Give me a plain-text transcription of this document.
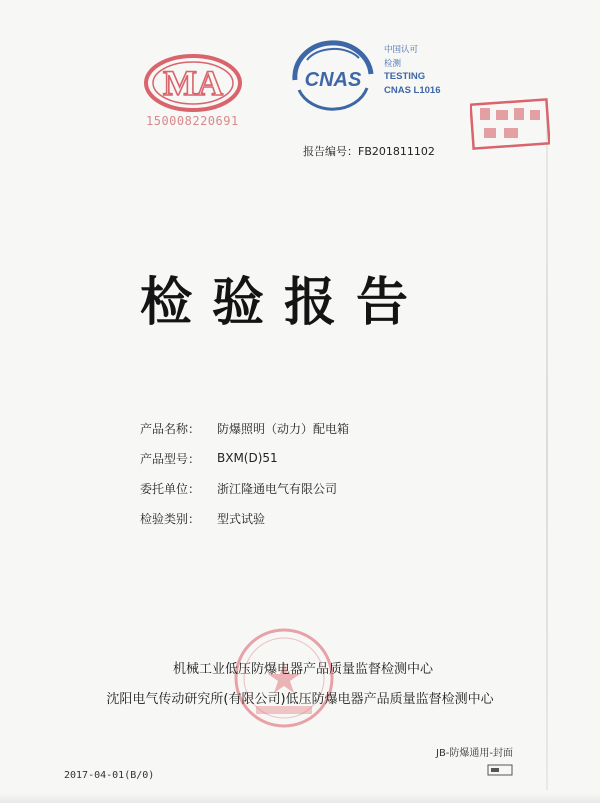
MA
150008220691
CNAS
中国认可
检测
TESTING
CNAS L1016
报告编号：FB201811102
检验报告
产品名称：	防爆照明（动力）配电箱
产品型号：	BXM(D)51
委托单位：	浙江隆通电气有限公司
检验类别：	型式试验
机械工业低压防爆电器产品质量监督检测中心
沈阳电气传动研究所(有限公司)低压防爆电器产品质量监督检测中心
JB-防爆通用-封面
2017-04-01(B/0)
